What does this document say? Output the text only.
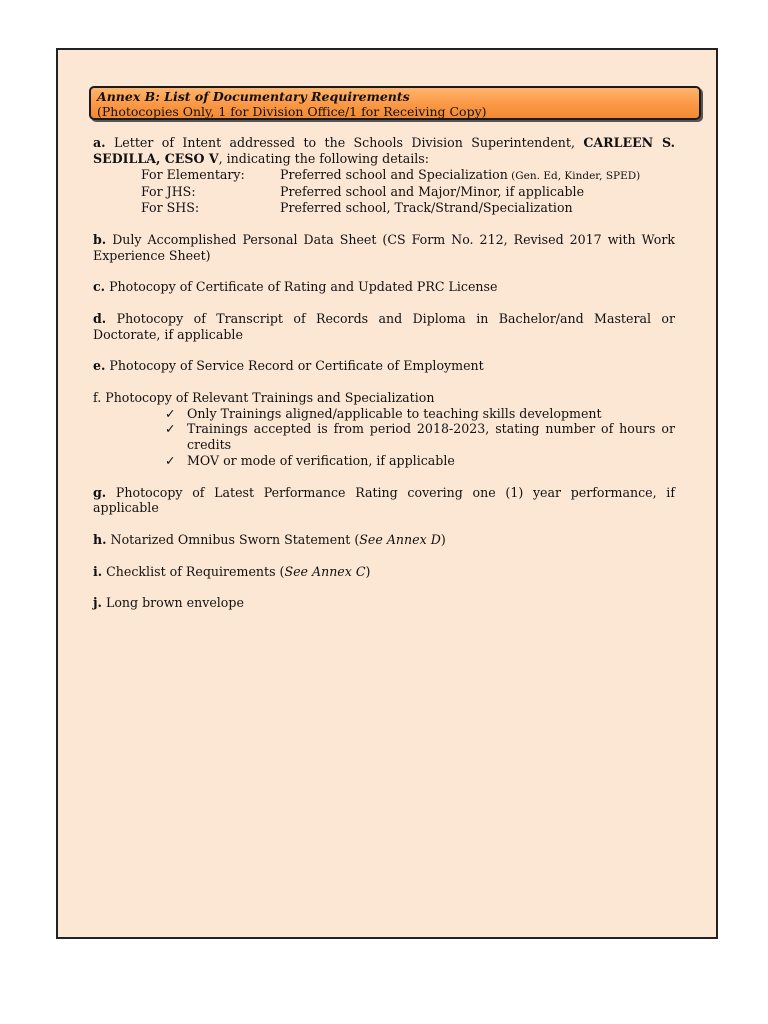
Annex B: List of Documentary Requirements
(Photocopies Only, 1 for Division Office/1 for Receiving Copy)
a. Letter of Intent addressed to the Schools Division Superintendent, CARLEEN S. SEDILLA, CESO V, indicating the following details:
For Elementary:	Preferred school and Specialization (Gen. Ed, Kinder, SPED)
For JHS:	Preferred school and Major/Minor, if applicable
For SHS:	Preferred school, Track/Strand/Specialization
b. Duly Accomplished Personal Data Sheet (CS Form No. 212, Revised 2017 with Work Experience Sheet)
c. Photocopy of Certificate of Rating and Updated PRC License
d. Photocopy of Transcript of Records and Diploma in Bachelor/and Masteral or Doctorate, if applicable
e. Photocopy of Service Record or Certificate of Employment
f. Photocopy of Relevant Trainings and Specialization
✓ Only Trainings aligned/applicable to teaching skills development
✓ Trainings accepted is from period 2018-2023, stating number of hours or credits
✓ MOV or mode of verification, if applicable
g. Photocopy of Latest Performance Rating covering one (1) year performance, if applicable
h. Notarized Omnibus Sworn Statement (See Annex D)
i. Checklist of Requirements (See Annex C)
j. Long brown envelope
